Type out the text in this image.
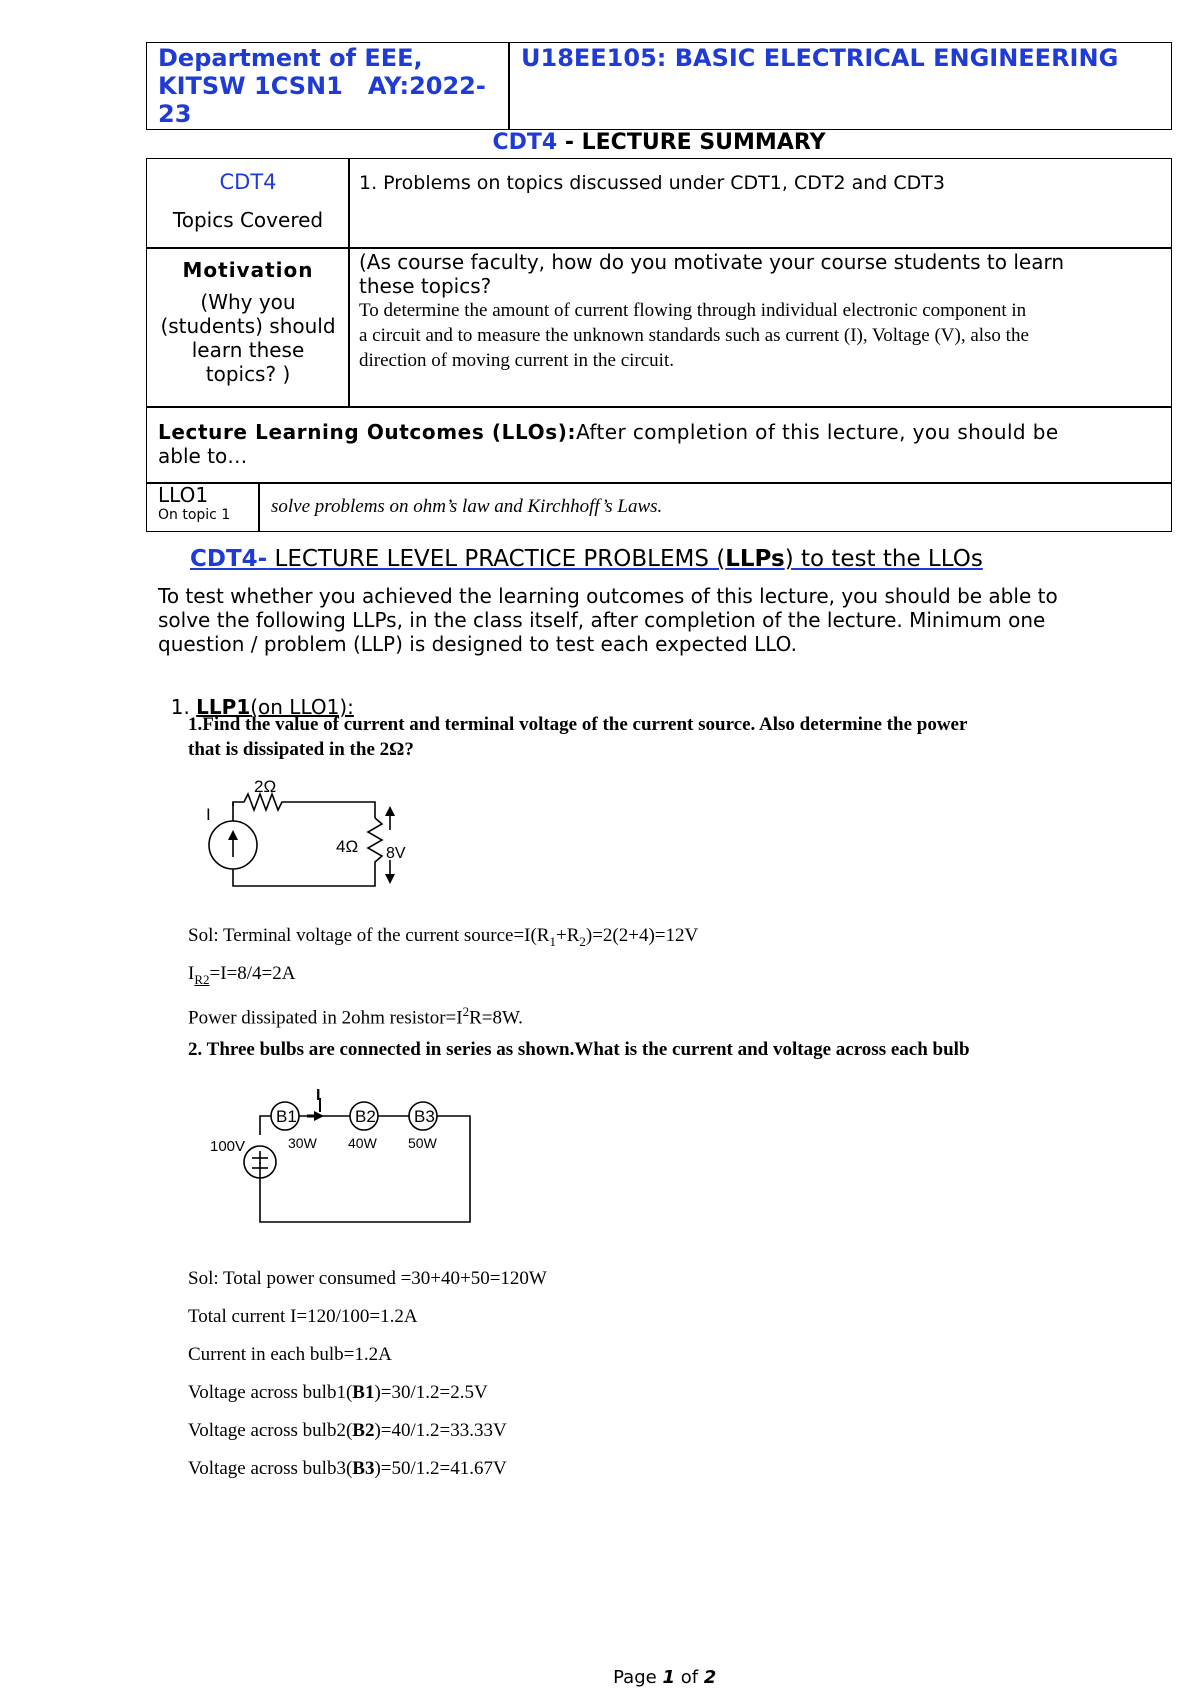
Department of EEE,
KITSW 1CSN1   AY:2022-
23
U18EE105: BASIC ELECTRICAL ENGINEERING
CDT4 - LECTURE SUMMARY
CDT4
Topics Covered
1. Problems on topics discussed under CDT1, CDT2 and CDT3
Motivation
(Why you
(students) should
learn these
topics? )
(As course faculty, how do you motivate your course students to learn
these topics?
To determine the amount of current flowing through individual electronic component in
a circuit and to measure the unknown standards such as current (I), Voltage (V), also the
direction of moving current in the circuit.
Lecture Learning Outcomes (LLOs):After completion of this lecture, you should be
able to…
LLO1
On topic 1 solve problems on ohm’s law and Kirchhoff’s Laws.
CDT4- LECTURE LEVEL PRACTICE PROBLEMS (LLPs) to test the LLOs
To test whether you achieved the learning outcomes of this lecture, you should be able to
solve the following LLPs, in the class itself, after completion of the lecture. Minimum one
question / problem (LLP) is designed to test each expected LLO.

1. LLP1(on LLO1):

1.Find the value of current and terminal voltage of the current source. Also determine the power
that is dissipated in the 2Ω?
2Ω
I
4Ω 8V
Sol: Terminal voltage of the current $source=I(R_1+R_2)=2(2+4)=12V$
$I_{R2}=I=8/4=2A$
Power dissipated in 2ohm $resistor=I^2R=8W$.
2. Three bulbs are connected in series as shown.What is the current and voltage across each bulb
B1	B2 B3
I
100V	30W 40W 50W
Sol: Total power consumed =30+40+50=120W
Total current I=120/100=1.2A
Current in each bulb=1.2A
Voltage across bulb1(B1)=30/1.2=2.5V
Voltage across bulb2(B2)=40/1.2=33.33V
Voltage across bulb3(B3)=50/1.2=41.67V

Page 1 of 2
